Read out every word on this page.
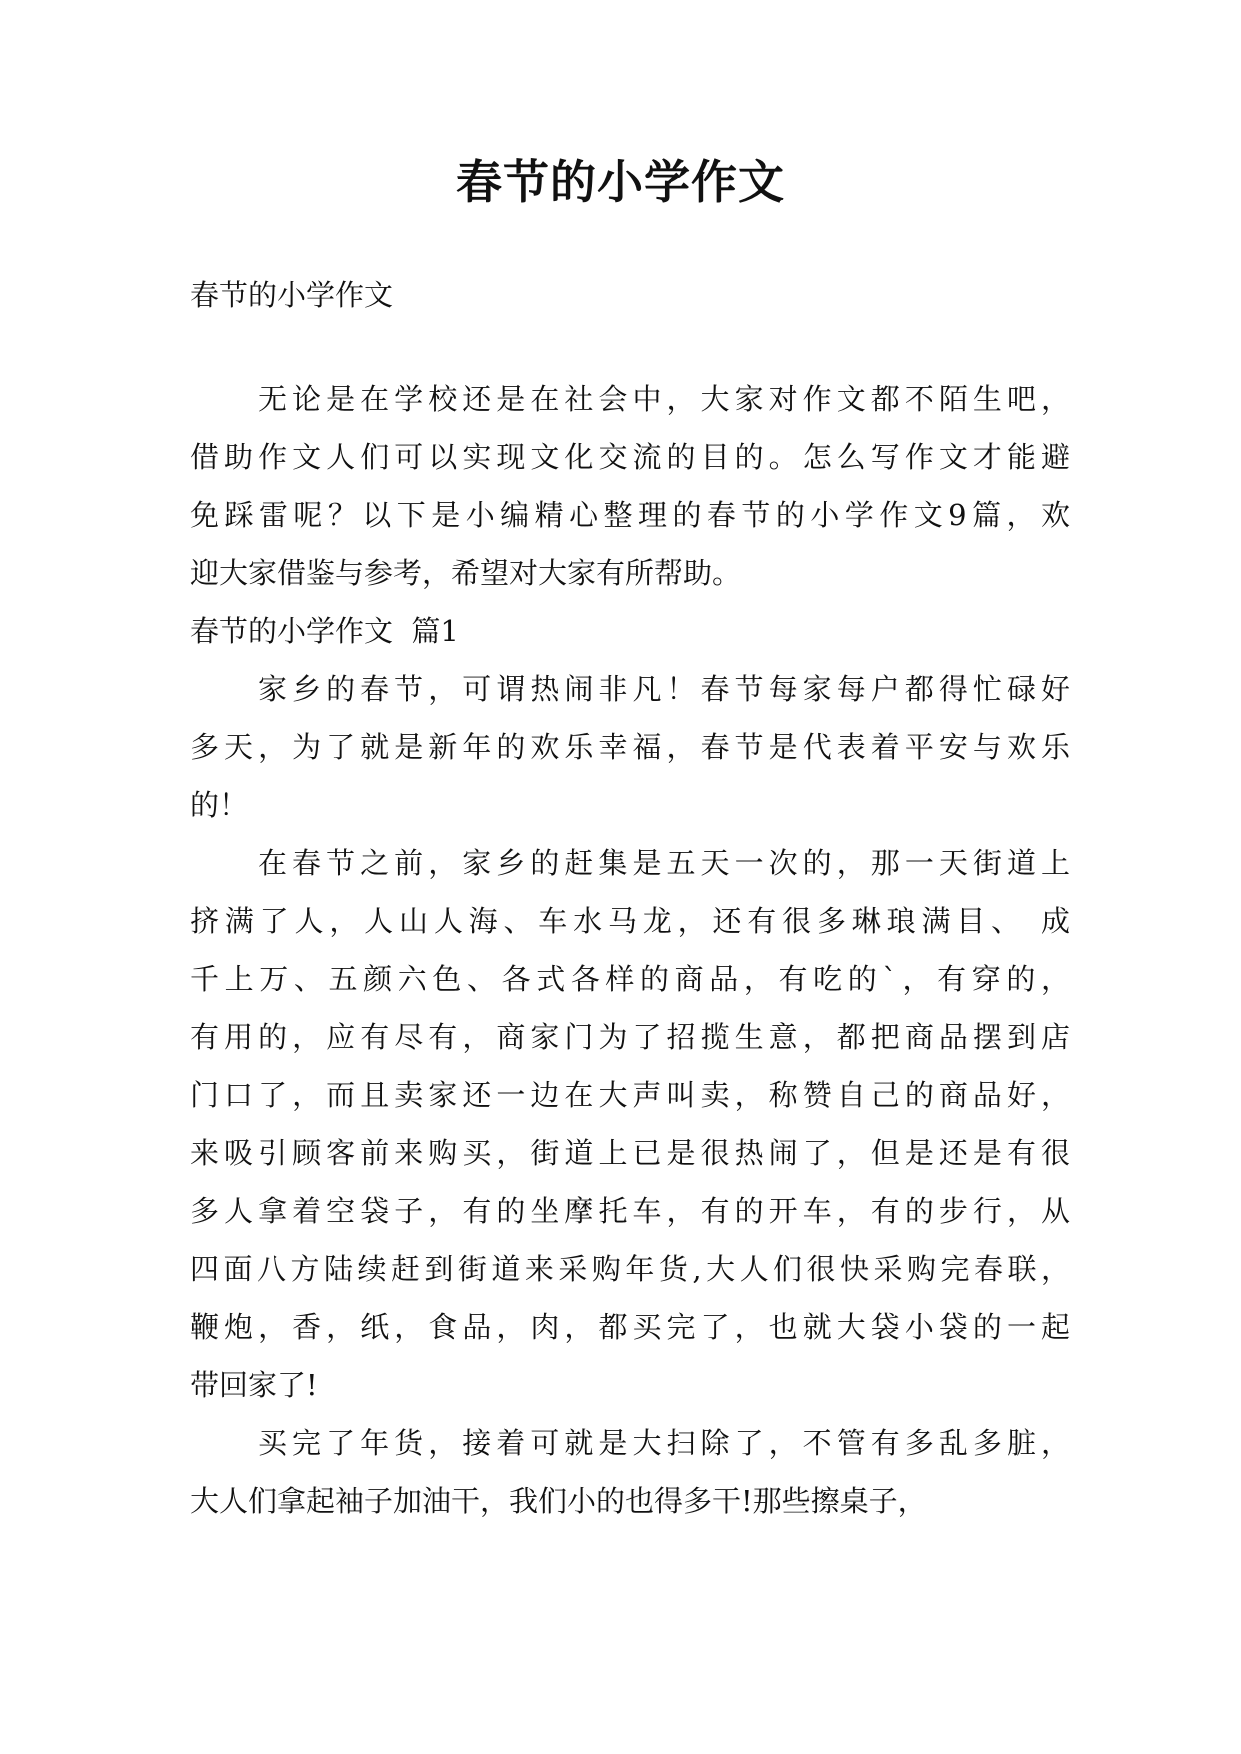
春节的小学作文
春节的小学作文
无论是在学校还是在社会中，大家对作文都不陌生吧，
借助作文人们可以实现文化交流的目的。怎么写作文才能避
免踩雷呢？以下是小编精心整理的春节的小学作文9篇，欢
迎大家借鉴与参考，希望对大家有所帮助。
春节的小学作文  篇1
家乡的春节，可谓热闹非凡！春节每家每户都得忙碌好
多天，为了就是新年的欢乐幸福，春节是代表着平安与欢乐
的！
在春节之前，家乡的赶集是五天一次的，那一天街道上
挤满了人，人山人海、车水马龙，还有很多琳琅满目、 成
千上万、五颜六色、各式各样的商品，有吃的`，有穿的，
有用的，应有尽有，商家门为了招揽生意，都把商品摆到店
门口了，而且卖家还一边在大声叫卖，称赞自己的商品好，
来吸引顾客前来购买，街道上已是很热闹了，但是还是有很
多人拿着空袋子，有的坐摩托车，有的开车，有的步行，从
四面八方陆续赶到街道来采购年货,大人们很快采购完春联，
鞭炮，香，纸，食品，肉，都买完了，也就大袋小袋的一起
带回家了!
买完了年货，接着可就是大扫除了，不管有多乱多脏，
大人们拿起袖子加油干，我们小的也得多干!那些擦桌子，
